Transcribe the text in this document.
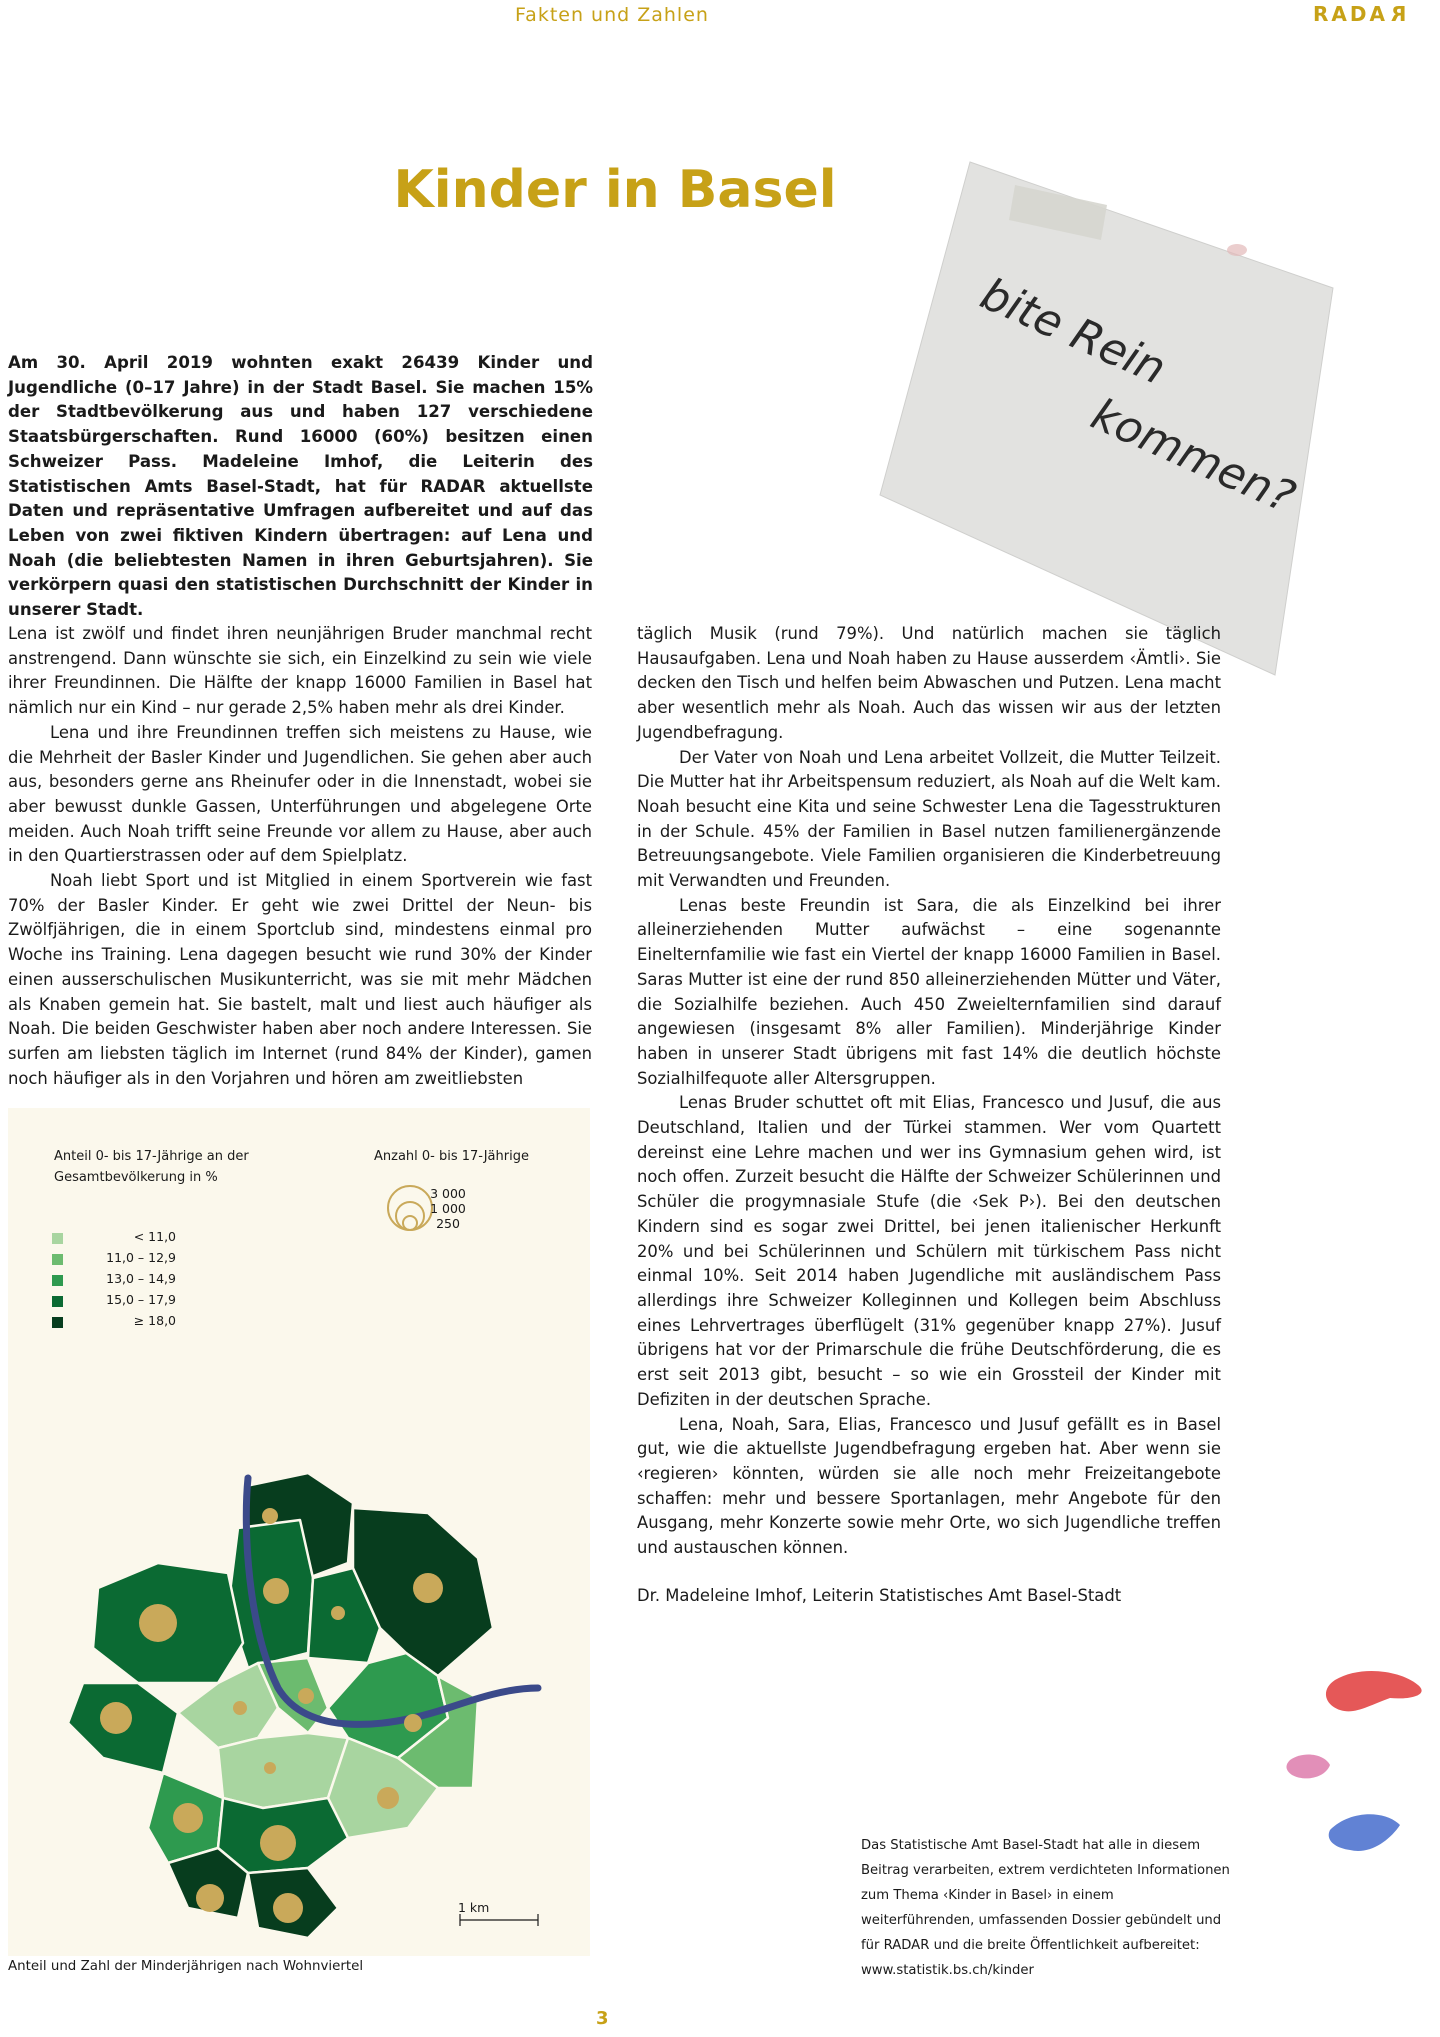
Fakten und Zahlen	RADAR
Kinder in Basel
bite Rein
kommen?

Am 30. April 2019 wohnten exakt 26439 Kinder und Jugendliche (0–17 Jahre) in der Stadt Basel. Sie machen 15% der Stadtbevölkerung aus und haben 127 verschiedene Staatsbürgerschaften. Rund 16000 (60%) besitzen einen Schweizer Pass. Madeleine Imhof, die Leiterin des Statistischen Amts Basel-Stadt, hat für RADAR aktuellste Daten und repräsentative Umfragen aufbereitet und auf das Leben von zwei fiktiven Kindern übertragen: auf Lena und Noah (die beliebtesten Namen in ihren Geburtsjahren). Sie verkörpern quasi den statistischen Durchschnitt der Kinder in unserer Stadt.

Lena ist zwölf und findet ihren neunjährigen Bruder manchmal recht anstrengend. Dann wünschte sie sich, ein Einzelkind zu sein wie viele ihrer Freundinnen. Die Hälfte der knapp 16000 Familien in Basel hat nämlich nur ein Kind – nur gerade 2,5% haben mehr als drei Kinder.

Lena und ihre Freundinnen treffen sich meistens zu Hause, wie die Mehrheit der Basler Kinder und Jugendlichen. Sie gehen aber auch aus, besonders gerne ans Rheinufer oder in die Innenstadt, wobei sie aber bewusst dunkle Gassen, Unterführungen und abgelegene Orte meiden. Auch Noah trifft seine Freunde vor allem zu Hause, aber auch in den Quartierstrassen oder auf dem Spielplatz.

Noah liebt Sport und ist Mitglied in einem Sportverein wie fast 70% der Basler Kinder. Er geht wie zwei Drittel der Neun- bis Zwölfjährigen, die in einem Sportclub sind, mindestens einmal pro Woche ins Training. Lena dagegen besucht wie rund 30% der Kinder einen ausserschulischen Musikunterricht, was sie mit mehr Mädchen als Knaben gemein hat. Sie bastelt, malt und liest auch häufiger als Noah. Die beiden Geschwister haben aber noch andere Interessen. Sie surfen am liebsten täglich im Internet (rund 84% der Kinder), gamen noch häufiger als in den Vorjahren und hören am zweitliebsten

täglich Musik (rund 79%). Und natürlich machen sie täglich Hausaufgaben. Lena und Noah haben zu Hause ausserdem ‹Ämtli›. Sie decken den Tisch und helfen beim Abwaschen und Putzen. Lena macht aber wesentlich mehr als Noah. Auch das wissen wir aus der letzten Jugendbefragung.

Der Vater von Noah und Lena arbeitet Vollzeit, die Mutter Teilzeit. Die Mutter hat ihr Arbeitspensum reduziert, als Noah auf die Welt kam. Noah besucht eine Kita und seine Schwester Lena die Tagesstrukturen in der Schule. 45% der Familien in Basel nutzen familienergänzende Betreuungsangebote. Viele Familien organisieren die Kinderbetreuung mit Verwandten und Freunden.

Lenas beste Freundin ist Sara, die als Einzelkind bei ihrer alleinerziehenden Mutter aufwächst – eine sogenannte Einelternfamilie wie fast ein Viertel der knapp 16000 Familien in Basel. Saras Mutter ist eine der rund 850 alleinerziehenden Mütter und Väter, die Sozialhilfe beziehen. Auch 450 Zweielternfamilien sind darauf angewiesen (insgesamt 8% aller Familien). Minderjährige Kinder haben in unserer Stadt übrigens mit fast 14% die deutlich höchste Sozialhilfequote aller Altersgruppen.

Lenas Bruder schuttet oft mit Elias, Francesco und Jusuf, die aus Deutschland, Italien und der Türkei stammen. Wer vom Quartett dereinst eine Lehre machen und wer ins Gymnasium gehen wird, ist noch offen. Zurzeit besucht die Hälfte der Schweizer Schülerinnen und Schüler die progymnasiale Stufe (die ‹Sek P›). Bei den deutschen Kindern sind es sogar zwei Drittel, bei jenen italienischer Herkunft 20% und bei Schülerinnen und Schülern mit türkischem Pass nicht einmal 10%. Seit 2014 haben Jugendliche mit ausländischem Pass allerdings ihre Schweizer Kolleginnen und Kollegen beim Abschluss eines Lehrvertrages überflügelt (31% gegenüber knapp 27%). Jusuf übrigens hat vor der Primarschule die frühe Deutschförderung, die es erst seit 2013 gibt, besucht – so wie ein Grossteil der Kinder mit Defiziten in der deutschen Sprache.

Lena, Noah, Sara, Elias, Francesco und Jusuf gefällt es in Basel gut, wie die aktuellste Jugendbefragung ergeben hat. Aber wenn sie ‹regieren› könnten, würden sie alle noch mehr Freizeitangebote schaffen: mehr und bessere Sportanlagen, mehr Angebote für den Ausgang, mehr Konzerte sowie mehr Orte, wo sich Jugendliche treffen und austauschen können.

Dr. Madeleine Imhof, Leiterin Statistisches Amt Basel-Stadt
Anteil 0- bis 17-Jährige an der Gesamtbevölkerung in %
Anzahl 0- bis 17-Jährige
< 11,0
11,0 – 12,9
13,0 – 14,9
15,0 – 17,9
≥ 18,0
3 000
1 000
250
1 km
Anteil und Zahl der Minderjährigen nach Wohnviertel
Das Statistische Amt Basel-Stadt hat alle in diesem Beitrag verarbeiten, extrem verdichteten Informationen zum Thema ‹Kinder in Basel› in einem weiterführenden, umfassenden Dossier gebündelt und für RADAR und die breite Öffentlichkeit aufbereitet: www.statistik.bs.ch/kinder
3
